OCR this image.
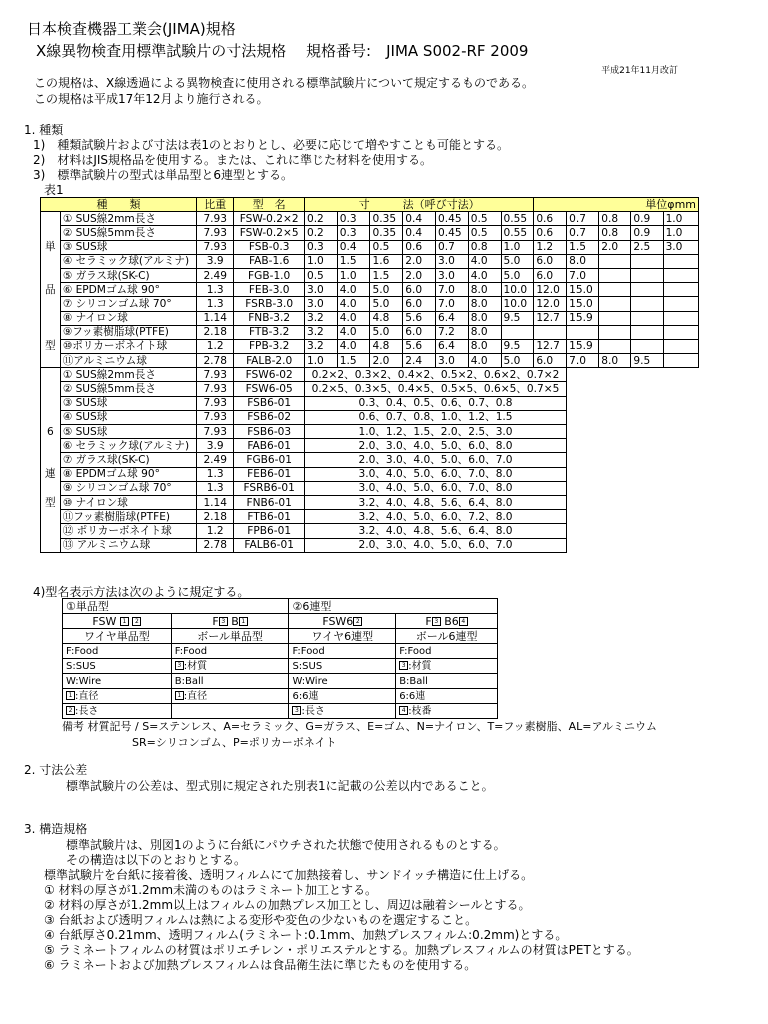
日本検査機器工業会(JIMA)規格
X線異物検査用標準試験片の寸法規格　 規格番号:　JIMA S002-RF 2009
平成21年11月改訂
この規格は、X線透過による異物検査に使用される標準試験片について規定するものである。
この規格は平成17年12月より施行される。
1. 種類
1)　種類試験片および寸法は表1のとおりとし、必要に応じて増やすことも可能とする。
2)　材料はJIS規格品を使用する。または、これに準じた材料を使用する。
3)　標準試験片の型式は単品型と6連型とする。
表1
種　　類		比重	型　名	寸　　　法（呼び寸法）							単位φmm				
	① SUS線2mm長さ	7.93	FSW-0.2×2	0.2	0.3	0.35	0.4	0.45	0.5	0.55	0.6	0.7	0.8	0.9	1.0
	② SUS線5mm長さ	7.93	FSW-0.2×5	0.2	0.3	0.35	0.4	0.45	0.5	0.55	0.6	0.7	0.8	0.9	1.0
単	③ SUS球	7.93	FSB-0.3	0.3	0.4	0.5	0.6	0.7	0.8	1.0	1.2	1.5	2.0	2.5	3.0
	④ セラミック球(アルミナ)	3.9	FAB-1.6	1.0	1.5	1.6	2.0	3.0	4.0	5.0	6.0	8.0			
	⑤ ガラス球(SK-C)	2.49	FGB-1.0	0.5	1.0	1.5	2.0	3.0	4.0	5.0	6.0	7.0			
品	⑥ EPDMゴム球 90°	1.3	FEB-3.0	3.0	4.0	5.0	6.0	7.0	8.0	10.0	12.0	15.0			
	⑦ シリコンゴム球 70°	1.3	FSRB-3.0	3.0	4.0	5.0	6.0	7.0	8.0	10.0	12.0	15.0			
	⑧ ナイロン球	1.14	FNB-3.2	3.2	4.0	4.8	5.6	6.4	8.0	9.5	12.7	15.9			
	⑨フッ素樹脂球(PTFE)	2.18	FTB-3.2	3.2	4.0	5.0	6.0	7.2	8.0						
型	⑩ポリカーボネイト球	1.2	FPB-3.2	3.2	4.0	4.8	5.6	6.4	8.0	9.5	12.7	15.9			
	⑪アルミニウム球	2.78	FALB-2.0	1.0	1.5	2.0	2.4	3.0	4.0	5.0	6.0	7.0	8.0	9.5	
	① SUS線2mm長さ	7.93	FSW6-02	0.2×2、0.3×2、0.4×2、0.5×2、0.6×2、0.7×2											
	② SUS線5mm長さ	7.93	FSW6-05	0.2×5、0.3×5、0.4×5、0.5×5、0.6×5、0.7×5											
	③ SUS球	7.93	FSB6-01	0.3、0.4、0.5、0.6、0.7、0.8											
	④ SUS球	7.93	FSB6-02	0.6、0.7、0.8、1.0、1.2、1.5											
6	⑤ SUS球	7.93	FSB6-03	1.0、1.2、1.5、2.0、2.5、3.0											
	⑥ セラミック球(アルミナ)	3.9	FAB6-01	2.0、3.0、4.0、5.0、6.0、8.0											
	⑦ ガラス球(SK-C)	2.49	FGB6-01	2.0、3.0、4.0、5.0、6.0、7.0											
連	⑧ EPDMゴム球 90°	1.3	FEB6-01	3.0、4.0、5.0、6.0、7.0、8.0											
	⑨ シリコンゴム球 70°	1.3	FSRB6-01	3.0、4.0、5.0、6.0、7.0、8.0											
型	⑩ ナイロン球	1.14	FNB6-01	3.2、4.0、4.8、5.6、6.4、8.0											
	⑪フッ素樹脂球(PTFE)	2.18	FTB6-01	3.2、4.0、5.0、6.0、7.2、8.0											
	⑫ ポリカーボネイト球	1.2	FPB6-01	3.2、4.0、4.8、5.6、6.4、8.0											
	⑬ アルミニウム球	2.78	FALB6-01	2.0、3.0、4.0、5.0、6.0、7.0											
4)型名表示方法は次のように規定する。
①単品型		②6連型	
FSW 1 2	F 3 B 1	FSW6 2	F 3 B6 4
ワイヤ単品型	ボール単品型	ワイヤ6連型	ボール6連型
F:Food	F:Food	F:Food	F:Food
S:SUS	3 :材質	S:SUS	3 :材質
W:Wire	B:Ball	W:Wire	B:Ball
1 :直径	1 :直径	6:6連	6:6連
2 :長さ		3 :長さ	4 :枝番
備考 材質記号 / S=ステンレス、A=セラミック、G=ガラス、E=ゴム、N=ナイロン、T=フッ素樹脂、AL=アルミニウム
SR=シリコンゴム、P=ポリカーボネイト
2. 寸法公差
標準試験片の公差は、型式別に規定された別表1に記載の公差以内であること。
3. 構造規格
標準試験片は、別図1のように台紙にパウチされた状態で使用されるものとする。
その構造は以下のとおりとする。
標準試験片を台紙に接着後、透明フィルムにて加熱接着し、サンドイッチ構造に仕上げる。
① 材料の厚さが1.2mm未満のものはラミネート加工とする。
② 材料の厚さが1.2mm以上はフィルムの加熱プレス加工とし、周辺は融着シールとする。
③ 台紙および透明フィルムは熱による変形や変色の少ないものを選定すること。
④ 台紙厚さ0.21mm、透明フィルム(ラミネート:0.1mm、加熱プレスフィルム:0.2mm)とする。
⑤ ラミネートフィルムの材質はポリエチレン・ポリエステルとする。加熱プレスフィルムの材質はPETとする。
⑥ ラミネートおよび加熱プレスフィルムは食品衛生法に準じたものを使用する。
